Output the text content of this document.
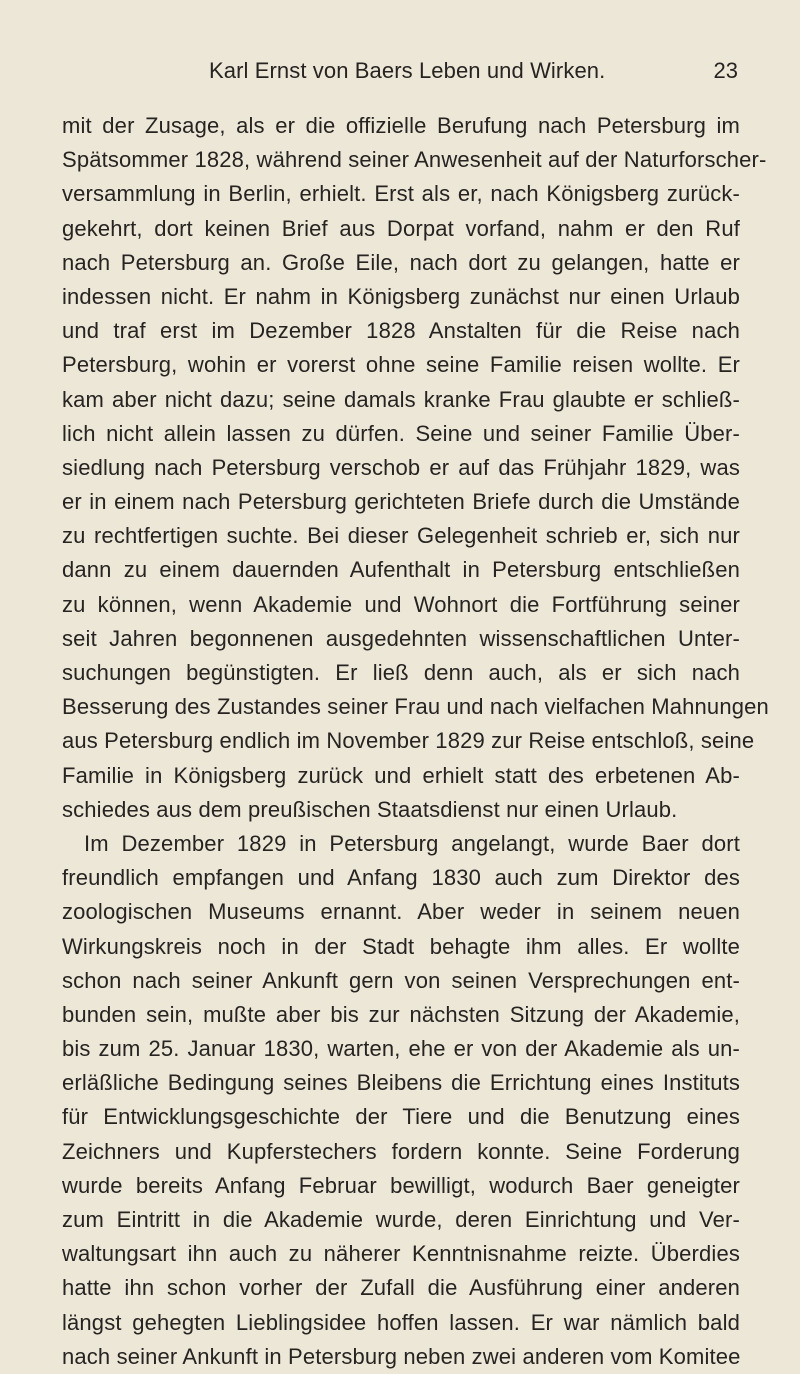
Karl Ernst von Baers Leben und Wirken.	23
mit der Zusage, als er die offizielle Berufung nach Petersburg im
Spätsommer 1828, während seiner Anwesenheit auf der Naturforscher-
versammlung in Berlin, erhielt. Erst als er, nach Königsberg zurück-
gekehrt, dort keinen Brief aus Dorpat vorfand, nahm er den Ruf
nach Petersburg an. Große Eile, nach dort zu gelangen, hatte er
indessen nicht. Er nahm in Königsberg zunächst nur einen Urlaub
und traf erst im Dezember 1828 Anstalten für die Reise nach
Petersburg, wohin er vorerst ohne seine Familie reisen wollte. Er
kam aber nicht dazu; seine damals kranke Frau glaubte er schließ-
lich nicht allein lassen zu dürfen. Seine und seiner Familie Über-
siedlung nach Petersburg verschob er auf das Frühjahr 1829, was
er in einem nach Petersburg gerichteten Briefe durch die Umstände
zu rechtfertigen suchte. Bei dieser Gelegenheit schrieb er, sich nur
dann zu einem dauernden Aufenthalt in Petersburg entschließen
zu können, wenn Akademie und Wohnort die Fortführung seiner
seit Jahren begonnenen ausgedehnten wissenschaftlichen Unter-
suchungen begünstigten. Er ließ denn auch, als er sich nach
Besserung des Zustandes seiner Frau und nach vielfachen Mahnungen
aus Petersburg endlich im November 1829 zur Reise entschloß, seine
Familie in Königsberg zurück und erhielt statt des erbetenen Ab-
schiedes aus dem preußischen Staatsdienst nur einen Urlaub.
Im Dezember 1829 in Petersburg angelangt, wurde Baer dort
freundlich empfangen und Anfang 1830 auch zum Direktor des
zoologischen Museums ernannt. Aber weder in seinem neuen
Wirkungskreis noch in der Stadt behagte ihm alles. Er wollte
schon nach seiner Ankunft gern von seinen Versprechungen ent-
bunden sein, mußte aber bis zur nächsten Sitzung der Akademie,
bis zum 25. Januar 1830, warten, ehe er von der Akademie als un-
erläßliche Bedingung seines Bleibens die Errichtung eines Instituts
für Entwicklungsgeschichte der Tiere und die Benutzung eines
Zeichners und Kupferstechers fordern konnte. Seine Forderung
wurde bereits Anfang Februar bewilligt, wodurch Baer geneigter
zum Eintritt in die Akademie wurde, deren Einrichtung und Ver-
waltungsart ihn auch zu näherer Kenntnisnahme reizte. Überdies
hatte ihn schon vorher der Zufall die Ausführung einer anderen
längst gehegten Lieblingsidee hoffen lassen. Er war nämlich bald
nach seiner Ankunft in Petersburg neben zwei anderen vom Komitee
